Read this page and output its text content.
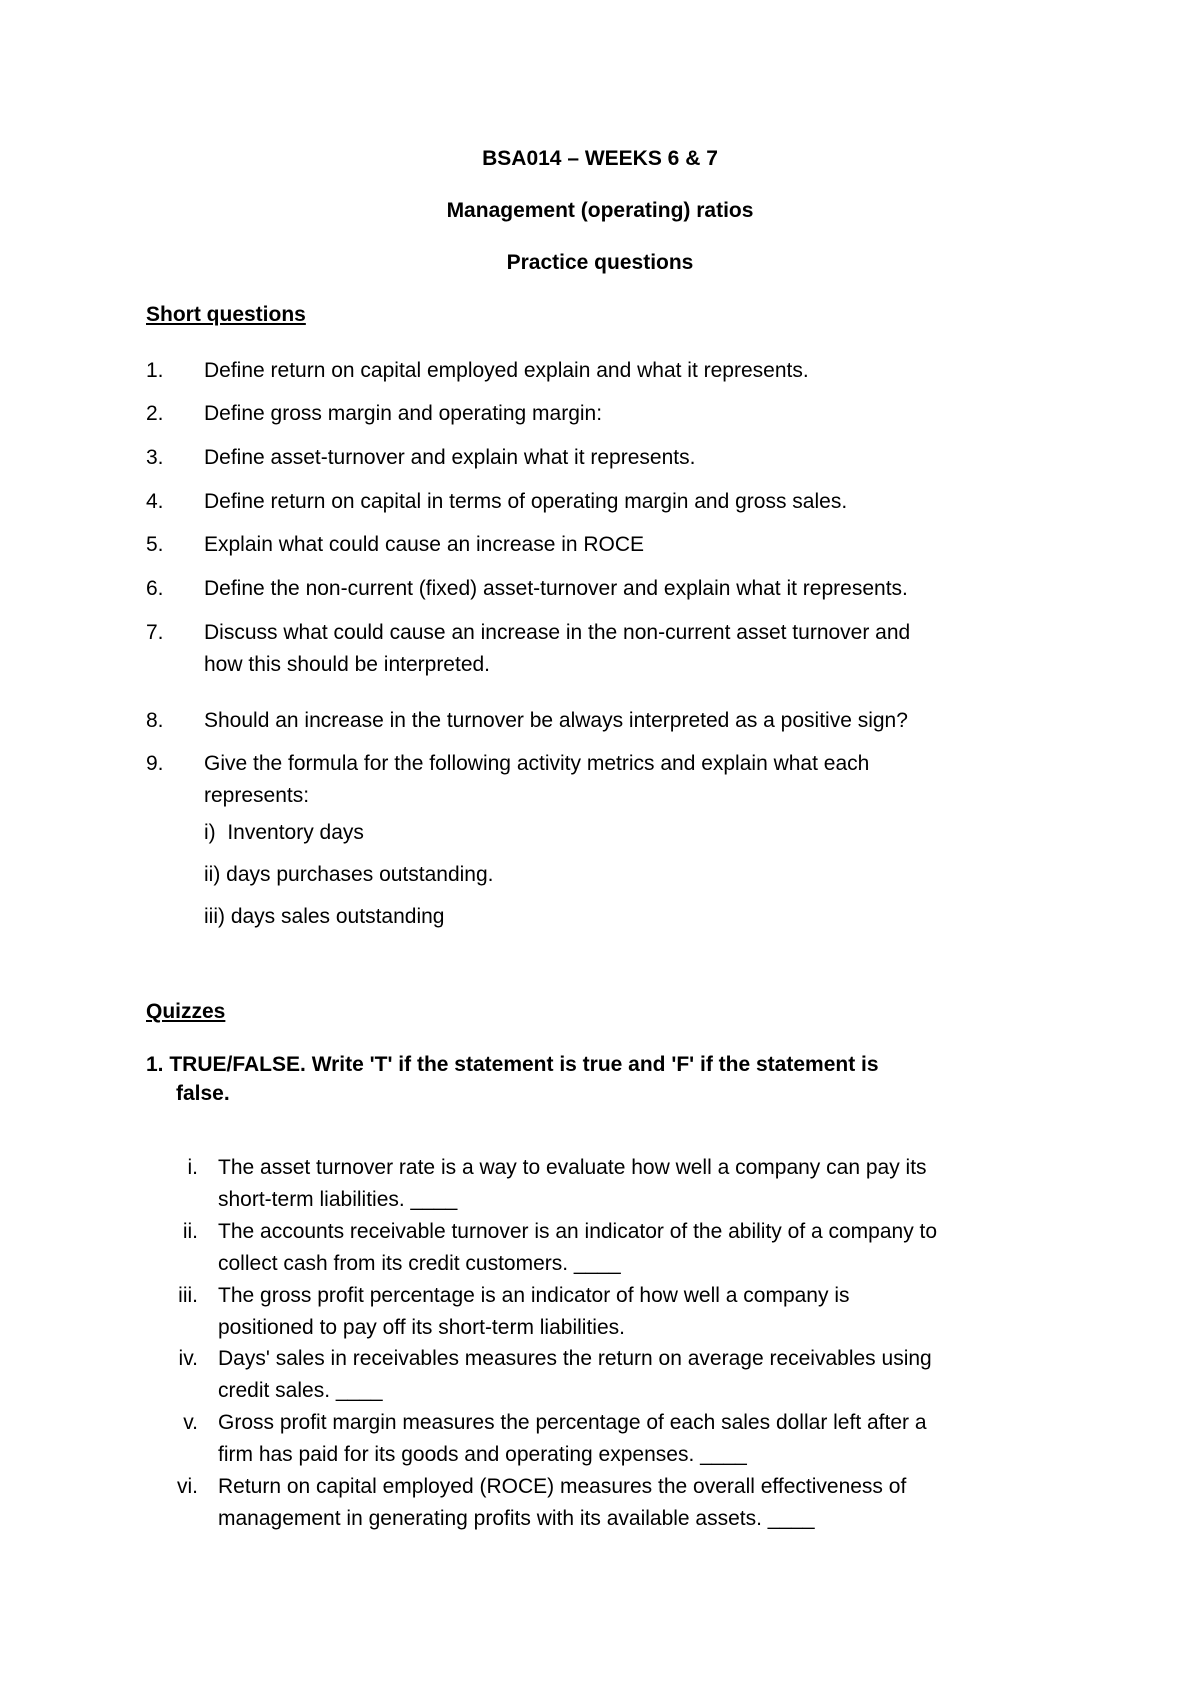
BSA014 – WEEKS 6 & 7
Management (operating) ratios
Practice questions
Short questions
1. Define return on capital employed explain and what it represents.
2. Define gross margin and operating margin:
3. Define asset-turnover and explain what it represents.
4. Define return on capital in terms of operating margin and gross sales.
5. Explain what could cause an increase in ROCE
6. Define the non-current (fixed) asset-turnover and explain what it represents.
7. Discuss what could cause an increase in the non-current asset turnover and
how this should be interpreted.
8. Should an increase in the turnover be always interpreted as a positive sign?
9. Give the formula for the following activity metrics and explain what each
represents:
i)  Inventory days
ii) days purchases outstanding.
iii) days sales outstanding
Quizzes
1. TRUE/FALSE. Write 'T' if the statement is true and 'F' if the statement is
false.
i. The asset turnover rate is a way to evaluate how well a company can pay its
short-term liabilities. ____
ii. The accounts receivable turnover is an indicator of the ability of a company to
collect cash from its credit customers. ____
iii. The gross profit percentage is an indicator of how well a company is
positioned to pay off its short-term liabilities.
iv. Days' sales in receivables measures the return on average receivables using
credit sales. ____
v. Gross profit margin measures the percentage of each sales dollar left after a
firm has paid for its goods and operating expenses. ____
vi. Return on capital employed (ROCE) measures the overall effectiveness of
management in generating profits with its available assets. ____
